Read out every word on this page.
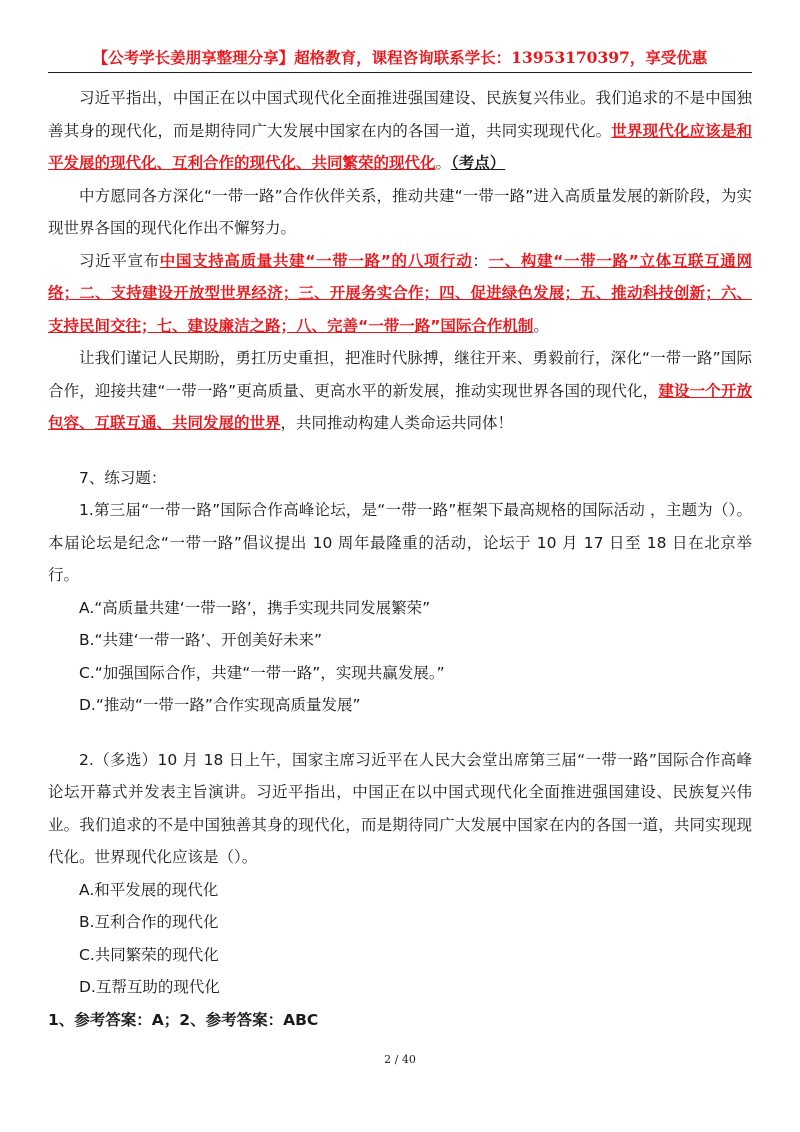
【公考学长姜朋享整理分享】超格教育，课程咨询联系学长：13953170397，享受优惠

习近平指出，中国正在以中国式现代化全面推进强国建设、民族复兴伟业。我们追求的不是中国独善其身的现代化，而是期待同广大发展中国家在内的各国一道，共同实现现代化。世界现代化应该是和平发展的现代化、互利合作的现代化、共同繁荣的现代化。（考点）

中方愿同各方深化“一带一路”合作伙伴关系，推动共建“一带一路”进入高质量发展的新阶段，为实现世界各国的现代化作出不懈努力。

习近平宣布中国支持高质量共建“一带一路”的八项行动：一、构建“一带一路”立体互联互通网络；二、支持建设开放型世界经济；三、开展务实合作；四、促进绿色发展；五、推动科技创新；六、支持民间交往；七、建设廉洁之路；八、完善“一带一路”国际合作机制。

让我们谨记人民期盼，勇扛历史重担，把准时代脉搏，继往开来、勇毅前行，深化“一带一路”国际合作，迎接共建“一带一路”更高质量、更高水平的新发展，推动实现世界各国的现代化，建设一个开放包容、互联互通、共同发展的世界，共同推动构建人类命运共同体！

7、练习题：

1.第三届“一带一路”国际合作高峰论坛，是“一带一路”框架下最高规格的国际活动 ，主题为（）。本届论坛是纪念“一带一路”倡议提出 10 周年最隆重的活动，论坛于 10 月 17 日至 18 日在北京举行。

A.“高质量共建‘一带一路’，携手实现共同发展繁荣”

B.“共建‘一带一路’、开创美好未来”

C.“加强国际合作，共建“一带一路”，实现共赢发展。”

D.“推动“一带一路”合作实现高质量发展”

2.（多选）10 月 18 日上午，国家主席习近平在人民大会堂出席第三届“一带一路”国际合作高峰论坛开幕式并发表主旨演讲。习近平指出，中国正在以中国式现代化全面推进强国建设、民族复兴伟业。我们追求的不是中国独善其身的现代化，而是期待同广大发展中国家在内的各国一道，共同实现现代化。世界现代化应该是（）。

A.和平发展的现代化

B.互利合作的现代化

C.共同繁荣的现代化

D.互帮互助的现代化

1、参考答案：A；2、参考答案：ABC

2 / 40
